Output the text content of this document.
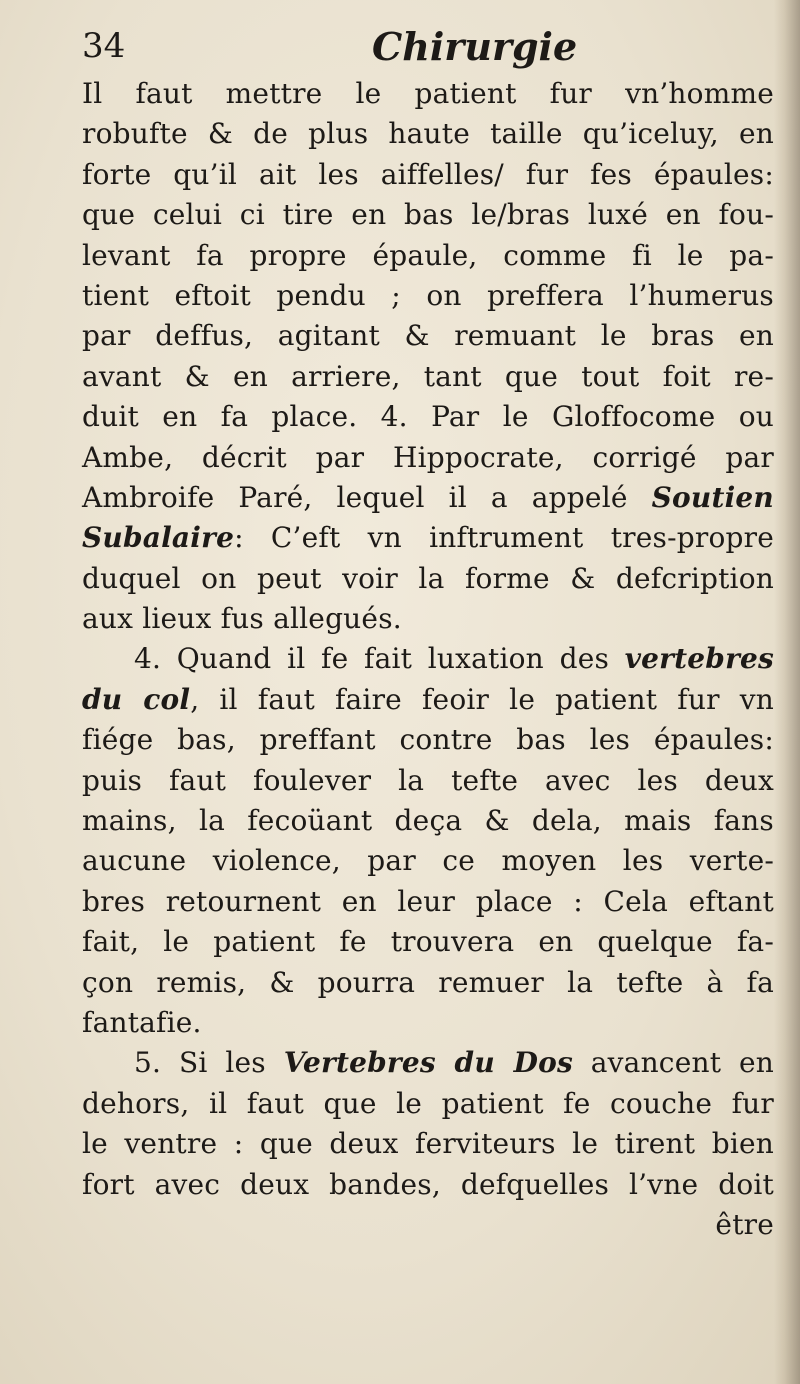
34	Chirurgie
Il faut mettre le patient fur vn’homme
robufte & de plus haute taille qu’iceluy, en
forte qu’il ait les aiffelles/ fur fes épaules:
que celui ci tire en bas le/bras luxé en fou-
levant fa propre épaule, comme fi le pa-
tient eftoit pendu ; on preffera l’humerus
par deffus, agitant & remuant le bras en
avant & en arriere, tant que tout foit re-
duit en fa place. 4. Par le Gloffocome ou
Ambe, décrit par Hippocrate, corrigé par
Ambroife Paré, lequel il a appelé Soutien
Subalaire: C’eft vn inftrument tres-propre
duquel on peut voir la forme & defcription
aux lieux fus allegués.
4. Quand il fe fait luxation des vertebres
du col, il faut faire feoir le patient fur vn
fiége bas, preffant contre bas les épaules:
puis faut foulever la tefte avec les deux
mains, la fecoüant deça & dela, mais fans
aucune violence, par ce moyen les verte-
bres retournent en leur place : Cela eftant
fait, le patient fe trouvera en quelque fa-
çon remis, & pourra remuer la tefte à fa
fantafie.
5. Si les Vertebres du Dos avancent en
dehors, il faut que le patient fe couche fur
le ventre : que deux ferviteurs le tirent bien
fort avec deux bandes, defquelles l’vne doit
être
